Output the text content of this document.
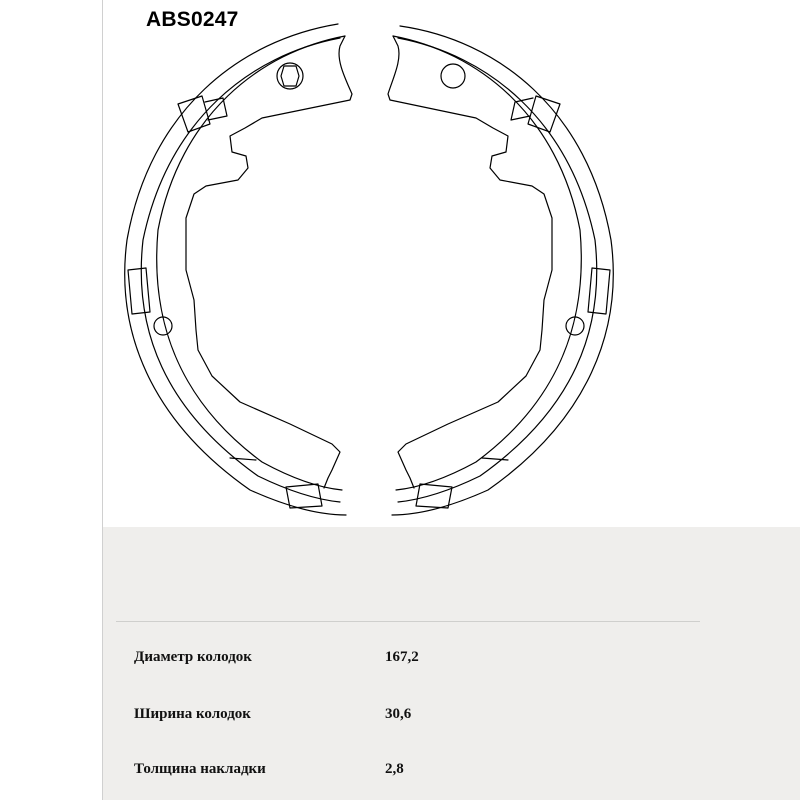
ABS0247
Диаметр колодок	167,2
Ширина колодок	30,6
Толщина накладки	2,8
